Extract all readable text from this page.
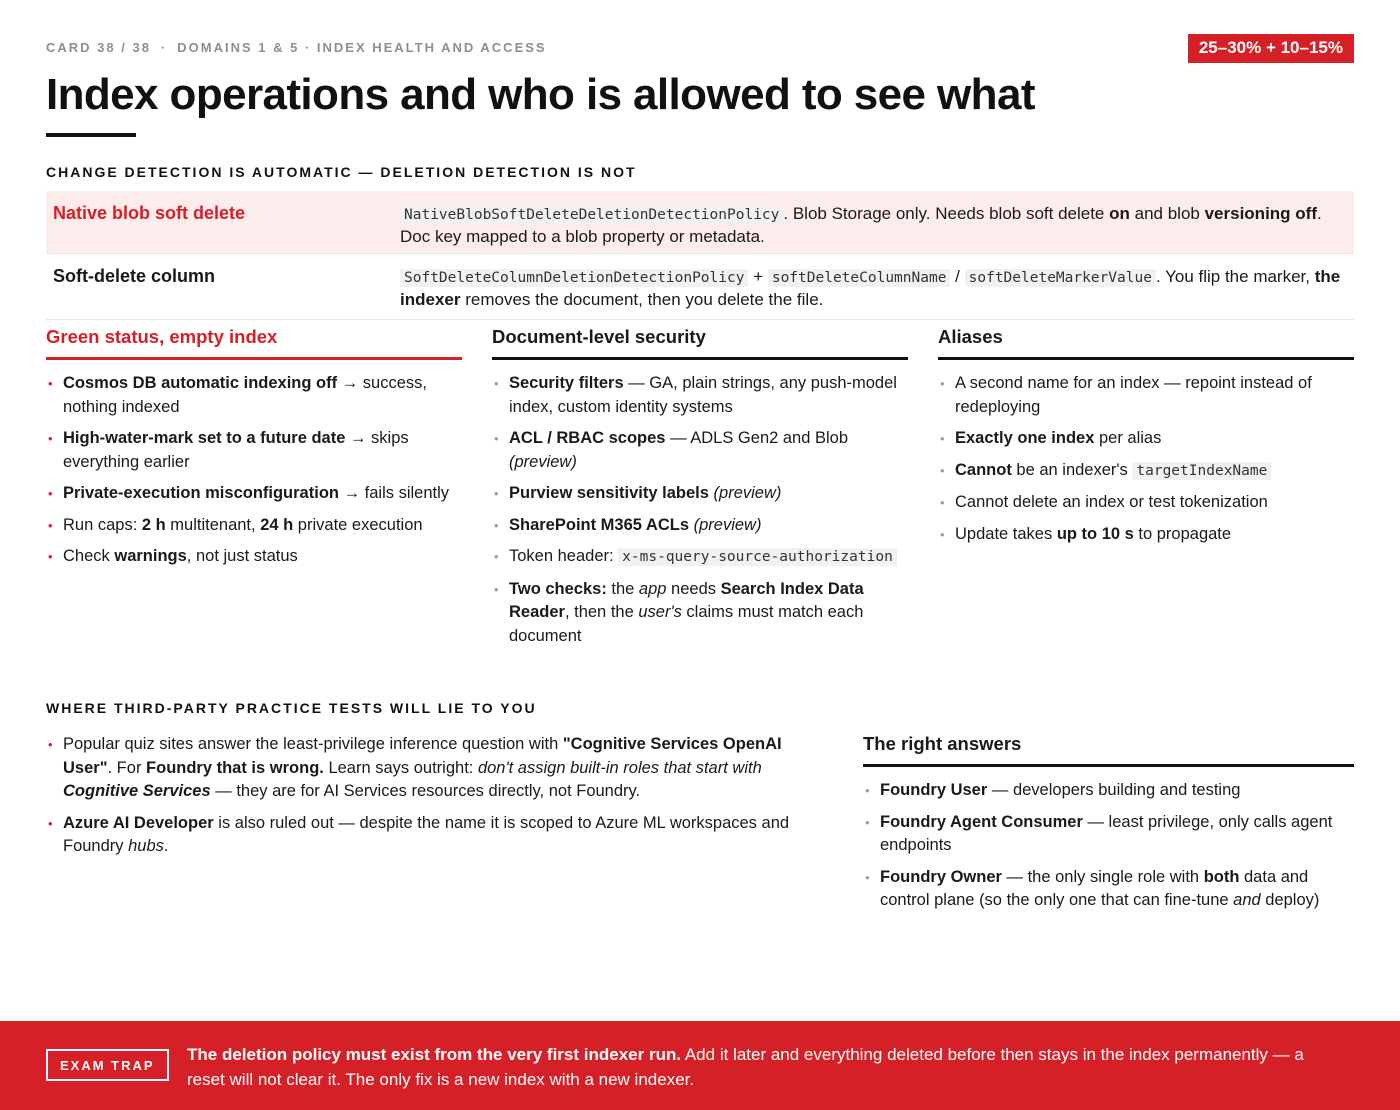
CARD 38 / 38 · DOMAINS 1 & 5 · INDEX HEALTH AND ACCESS	25–30% + 10–15%
Index operations and who is allowed to see what
CHANGE DETECTION IS AUTOMATIC — DELETION DETECTION IS NOT
Native blob soft delete	NativeBlobSoftDeleteDeletionDetectionPolicy . Blob Storage only. Needs blob soft delete on and blob versioning off. Doc key mapped to a blob property or metadata.
Soft-delete column	SoftDeleteColumnDeletionDetectionPolicy + softDeleteColumnName / softDeleteMarkerValue . You flip the marker, the indexer removes the document, then you delete the file.
Green status, empty index
• Cosmos DB automatic indexing off → success, nothing indexed
• High-water-mark set to a future date → skips everything earlier
• Private-execution misconfiguration → fails silently
• Run caps: 2 h multitenant, 24 h private execution
• Check warnings, not just status
Document-level security
• Security filters — GA, plain strings, any push-model index, custom identity systems
• ACL / RBAC scopes — ADLS Gen2 and Blob (preview)
• Purview sensitivity labels (preview)
• SharePoint M365 ACLs (preview)
• Token header: x-ms-query-source-authorization
• Two checks: the app needs Search Index Data Reader, then the user's claims must match each document
Aliases
• A second name for an index — repoint instead of redeploying
• Exactly one index per alias
• Cannot be an indexer's targetIndexName
• Cannot delete an index or test tokenization
• Update takes up to 10 s to propagate
WHERE THIRD-PARTY PRACTICE TESTS WILL LIE TO YOU
• Popular quiz sites answer the least-privilege inference question with "Cognitive Services OpenAI User". For Foundry that is wrong. Learn says outright: don't assign built-in roles that start with Cognitive Services — they are for AI Services resources directly, not Foundry.
• Azure AI Developer is also ruled out — despite the name it is scoped to Azure ML workspaces and Foundry hubs.
The right answers
• Foundry User — developers building and testing
• Foundry Agent Consumer — least privilege, only calls agent endpoints
• Foundry Owner — the only single role with both data and control plane (so the only one that can fine-tune and deploy)
EXAM TRAP
The deletion policy must exist from the very first indexer run. Add it later and everything deleted before then stays in the index permanently — a reset will not clear it. The only fix is a new index with a new indexer.
